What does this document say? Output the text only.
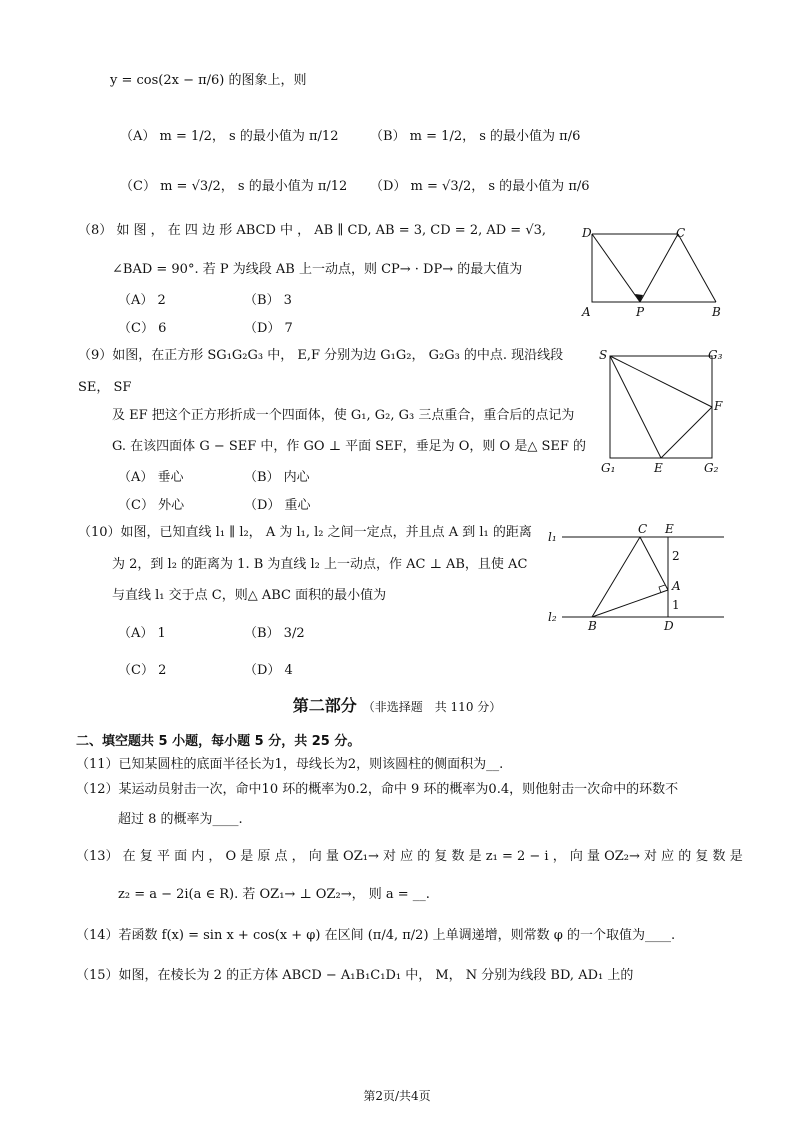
y = cos(2x − π/6) 的图象上，则
（A） m = 1/2， s 的最小值为 π/12 （B） m = 1/2， s 的最小值为 π/6
（C） m = √3/2， s 的最小值为 π/12 （D） m = √3/2， s 的最小值为 π/6
（8） 如 图 ， 在 四 边 形 ABCD 中 ， AB ∥ CD, AB = 3, CD = 2, AD = √3,
∠BAD = 90°. 若 P 为线段 AB 上一动点，则 CP→ · DP→ 的最大值为
（A） 2	（B） 3
（C） 6	（D） 7
D	C
A	P	B
（9）如图，在正方形 SG₁G₂G₃ 中， E,F 分别为边 G₁G₂， G₂G₃ 的中点. 现沿线段
SE， SF
及 EF 把这个正方形折成一个四面体，使 G₁, G₂, G₃ 三点重合，重合后的点记为
G. 在该四面体 G − SEF 中，作 GO ⊥ 平面 SEF，垂足为 O，则 O 是△ SEF 的
（A） 垂心	（B） 内心
（C） 外心	（D） 重心
S	G₃
F
G₁	E	G₂
（10）如图，已知直线 l₁ ∥ l₂， A 为 l₁, l₂ 之间一定点，并且点 A 到 l₁ 的距离
为 2，到 l₂ 的距离为 1. B 为直线 l₂ 上一动点，作 AC ⊥ AB，且使 AC
与直线 l₁ 交于点 C，则△ ABC 面积的最小值为
（A） 1	（B） 3/2
（C） 2	（D） 4
l₁
C E
2
A
1
l₂
B	D
第二部分 （非选择题　共 110 分）
二、填空题共 5 小题，每小题 5 分，共 25 分。
（11）已知某圆柱的底面半径长为1，母线长为2，则该圆柱的侧面积为__.
（12）某运动员射击一次，命中10 环的概率为0.2，命中 9 环的概率为0.4，则他射击一次命中的环数不
超过 8 的概率为____.
（13） 在 复 平 面 内 ， O 是 原 点 ， 向 量 OZ₁→ 对 应 的 复 数 是 z₁ = 2 − i ， 向 量 OZ₂→ 对 应 的 复 数 是
z₂ = a − 2i(a ∈ R). 若 OZ₁→ ⊥ OZ₂→， 则 a = __.
（14）若函数 f(x) = sin x + cos(x + φ) 在区间 (π/4, π/2) 上单调递增，则常数 φ 的一个取值为____.
（15）如图，在棱长为 2 的正方体 ABCD − A₁B₁C₁D₁ 中， M， N 分别为线段 BD, AD₁ 上的
第2页/共4页
